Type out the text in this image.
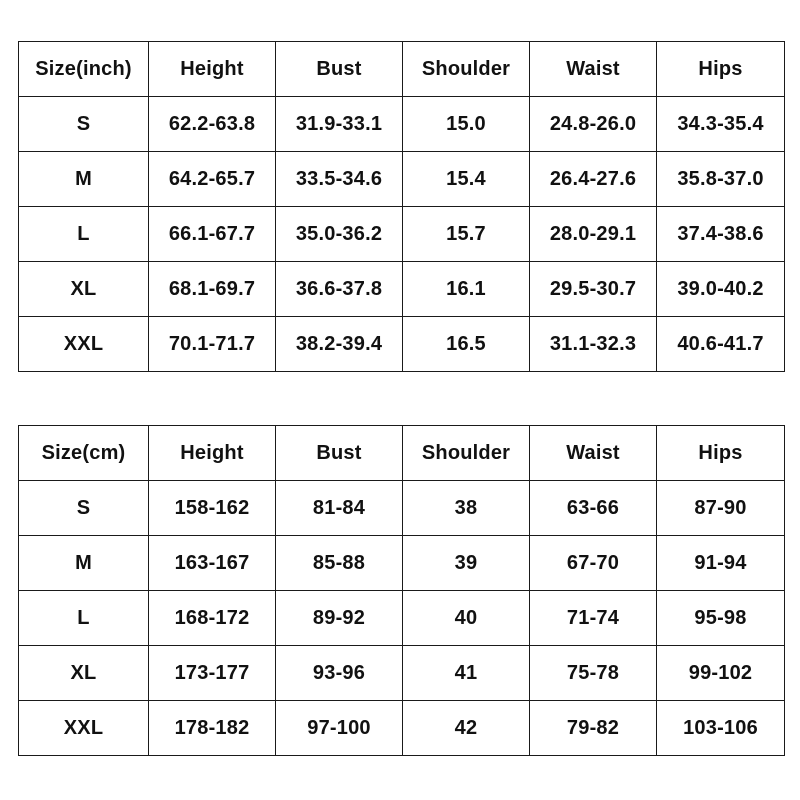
Size(inch)	Height	Bust	Shoulder	Waist	Hips
S	62.2-63.8	31.9-33.1	15.0	24.8-26.0	34.3-35.4
M	64.2-65.7	33.5-34.6	15.4	26.4-27.6	35.8-37.0
L	66.1-67.7	35.0-36.2	15.7	28.0-29.1	37.4-38.6
XL	68.1-69.7	36.6-37.8	16.1	29.5-30.7	39.0-40.2
XXL	70.1-71.7	38.2-39.4	16.5	31.1-32.3	40.6-41.7
Size(cm)	Height	Bust	Shoulder	Waist	Hips
S	158-162	81-84	38	63-66	87-90
M	163-167	85-88	39	67-70	91-94
L	168-172	89-92	40	71-74	95-98
XL	173-177	93-96	41	75-78	99-102
XXL	178-182	97-100	42	79-82	103-106
